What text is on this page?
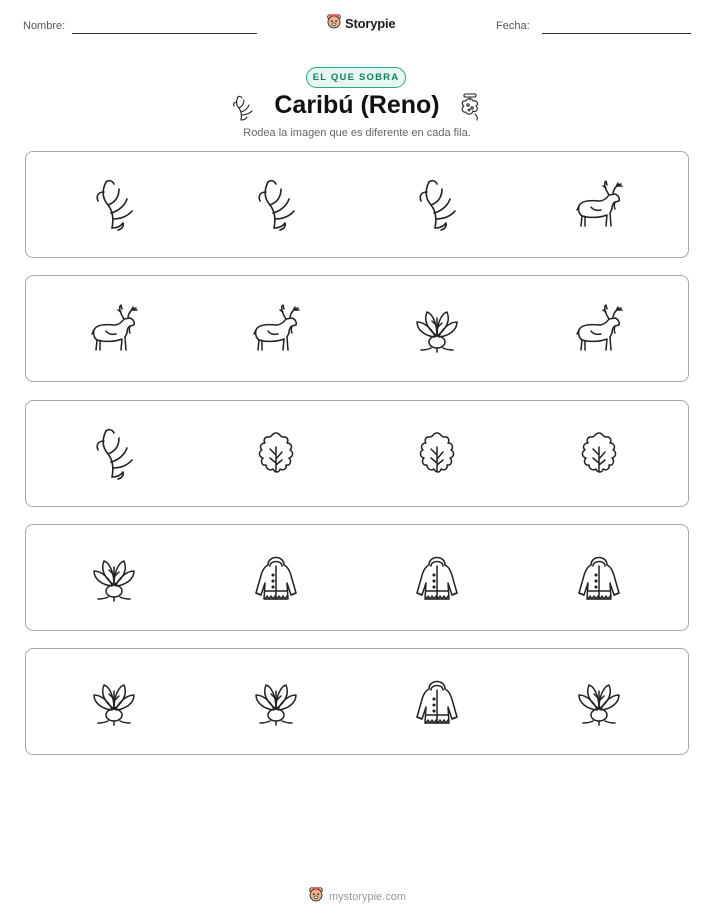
Nombre:	Storypie	Fecha:
EL QUE SOBRA
Caribú (Reno)
Rodea la imagen que es diferente en cada fila.
mystorypie.com
